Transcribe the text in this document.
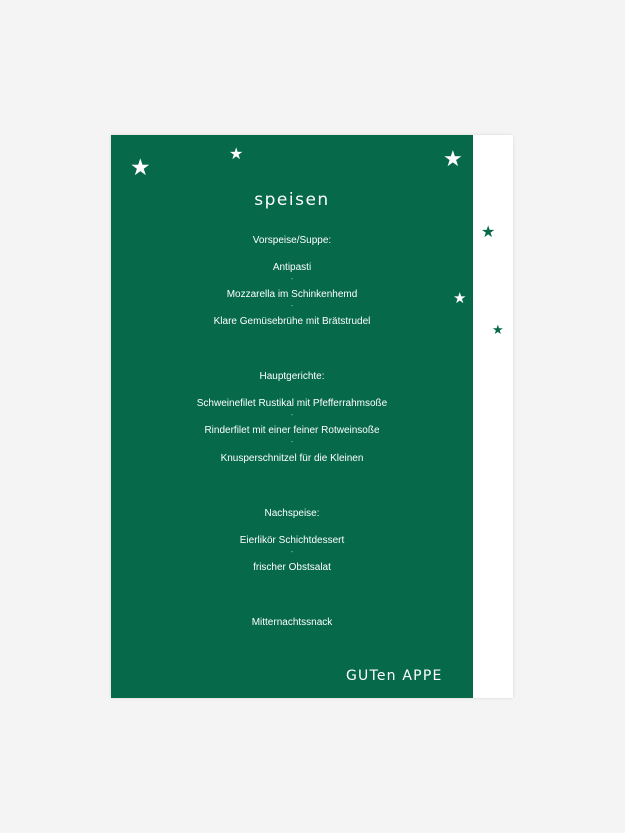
★
★	★
★
★
★
speisen
Vorspeise/Suppe:
Antipasti
-
Mozzarella im Schinkenhemd
-
Klare Gemüsebrühe mit Brätstrudel
Hauptgerichte:
Schweinefilet Rustikal mit Pfefferrahmsoße
-
Rinderfilet mit einer feiner Rotweinsoße
-
Knusperschnitzel für die Kleinen
Nachspeise:
Eierlikör Schichtdessert
-
frischer Obstsalat
Mitternachtssnack
GUTen APPETIT
